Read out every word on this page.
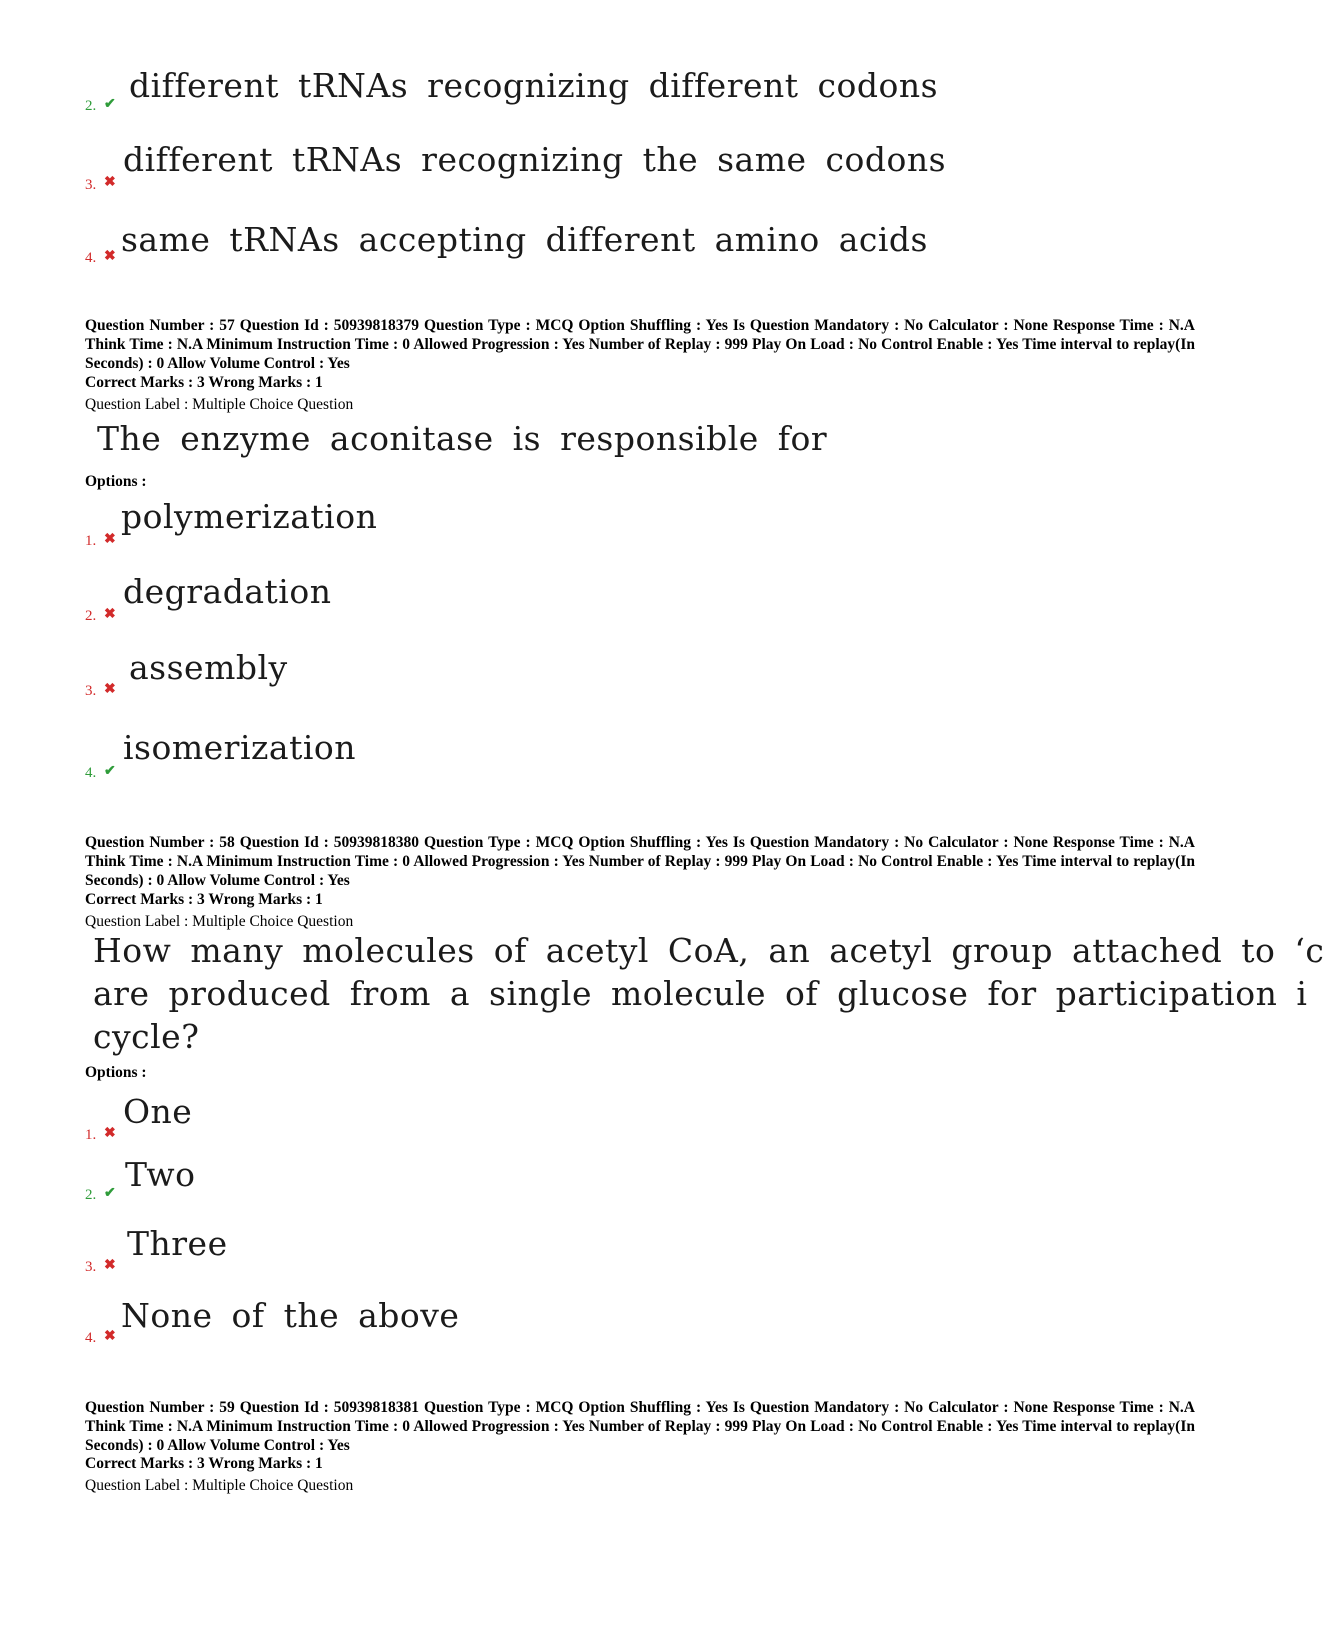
2. ✔ different tRNAs recognizing different codons
3. ✖
different tRNAs recognizing the same codons
4. ✖ same tRNAs accepting different amino acids
Question Number : 57 Question Id : 50939818379 Question Type : MCQ Option Shuffling : Yes Is Question Mandatory : No Calculator : None Response Time : N.A Think Time : N.A Minimum Instruction Time : 0 Allowed Progression : Yes Number of Replay : 999 Play On Load : No Control Enable : Yes Time interval to replay(In Seconds) : 0 Allow Volume Control : Yes
Correct Marks : 3 Wrong Marks : 1
Question Label : Multiple Choice Question
The enzyme aconitase is responsible for
Options :
1. ✖
polymerization
2. ✖
degradation
3. ✖
assembly
4. ✔
isomerization
Question Number : 58 Question Id : 50939818380 Question Type : MCQ Option Shuffling : Yes Is Question Mandatory : No Calculator : None Response Time : N.A Think Time : N.A Minimum Instruction Time : 0 Allowed Progression : Yes Number of Replay : 999 Play On Load : No Control Enable : Yes Time interval to replay(In Seconds) : 0 Allow Volume Control : Yes
Correct Marks : 3 Wrong Marks : 1
Question Label : Multiple Choice Question
How many molecules of acetyl CoA, an acetyl group attached to ‘c
are produced from a single molecule of glucose for participation i
cycle?
Options :
1. ✖
One
2. ✔ Two
3. ✖
Three
4. ✖
None of the above
Question Number : 59 Question Id : 50939818381 Question Type : MCQ Option Shuffling : Yes Is Question Mandatory : No Calculator : None Response Time : N.A Think Time : N.A Minimum Instruction Time : 0 Allowed Progression : Yes Number of Replay : 999 Play On Load : No Control Enable : Yes Time interval to replay(In Seconds) : 0 Allow Volume Control : Yes
Correct Marks : 3 Wrong Marks : 1
Question Label : Multiple Choice Question
